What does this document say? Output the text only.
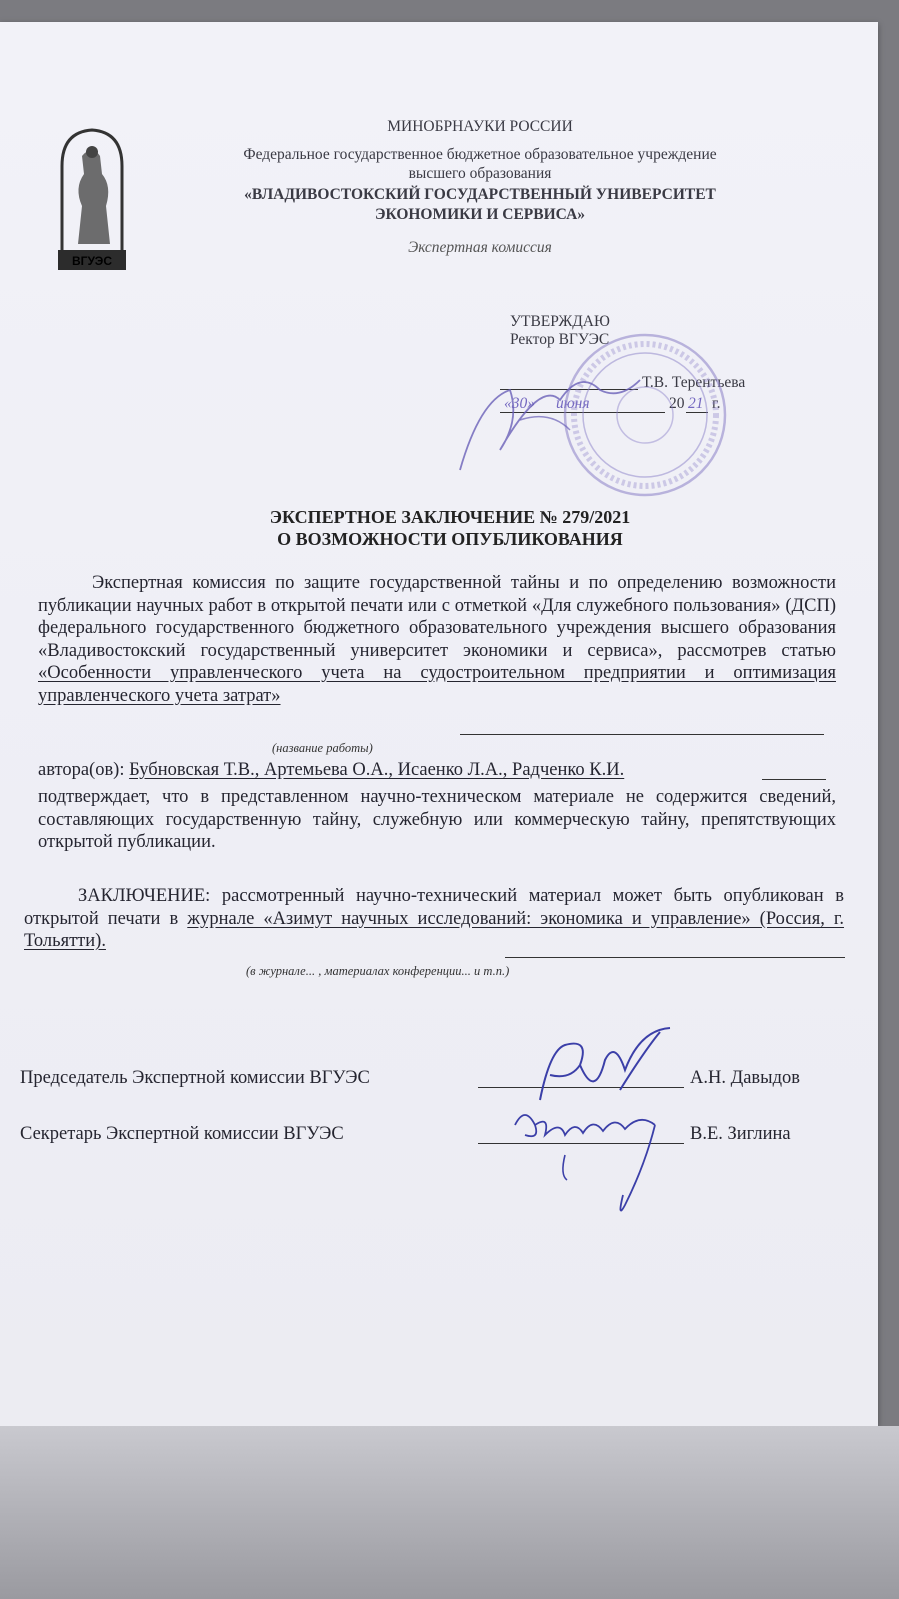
ВГУЭС
МИНОБРНАУКИ РОССИИ
Федеральное государственное бюджетное образовательное учреждение
высшего образования
«ВЛАДИВОСТОКСКИЙ ГОСУДАРСТВЕННЫЙ УНИВЕРСИТЕТ
ЭКОНОМИКИ И СЕРВИСА»
Экспертная комиссия
УТВЕРЖДАЮ
Ректор ВГУЭС
Т.В. Терентьева
«30» июня	20 21 г.
ЭКСПЕРТНОЕ ЗАКЛЮЧЕНИЕ № 279/2021
О ВОЗМОЖНОСТИ ОПУБЛИКОВАНИЯ

Экспертная комиссия по защите государственной тайны и по определению возможности публикации научных работ в открытой печати или с отметкой «Для служебного пользования» (ДСП) федерального государственного бюджетного образовательного учреждения высшего образования «Владивостокский государственный университет экономики и сервиса», рассмотрев статью «Особенности управленческого учета на судостроительном предприятии и оптимизация управленческого учета затрат»

(название работы)
автора(ов): Бубновская Т.В., Артемьева О.А., Исаенко Л.А., Радченко К.И.
подтверждает, что в представленном научно-техническом материале не содержится сведений, составляющих государственную тайну, служебную или коммерческую тайну, препятствующих открытой публикации.

ЗАКЛЮЧЕНИЕ: рассмотренный научно-технический материал может быть опубликован в открытой печати в журнале «Азимут научных исследований: экономика и управление» (Россия, г. Тольятти).

(в журнале... , материалах конференции... и т.п.)
Председатель Экспертной комиссии ВГУЭС	А.Н. Давыдов
Секретарь Экспертной комиссии ВГУЭС	В.Е. Зиглина
